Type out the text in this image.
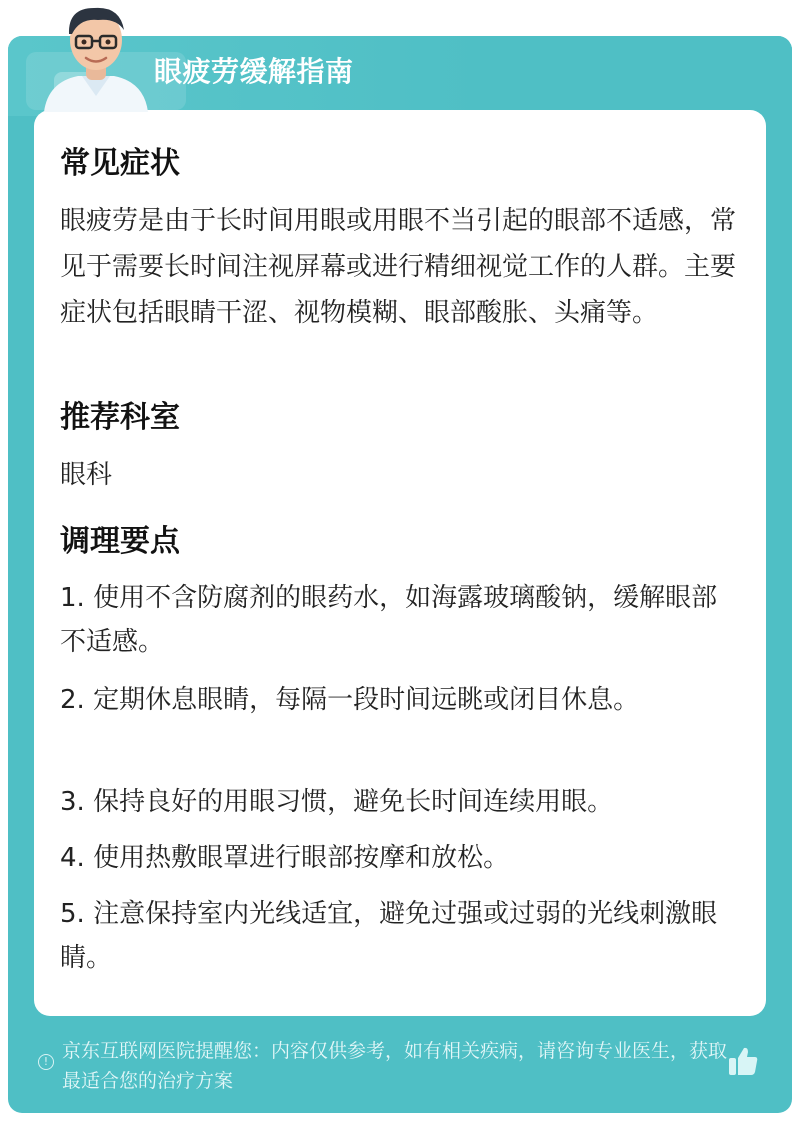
眼疲劳缓解指南
常见症状
眼疲劳是由于长时间用眼或用眼不当引起的眼部不适感，常见于需要长时间注视屏幕或进行精细视觉工作的人群。主要症状包括眼睛干涩、视物模糊、眼部酸胀、头痛等。
推荐科室
眼科
调理要点
1. 使用不含防腐剂的眼药水，如海露玻璃酸钠，缓解眼部不适感。
2. 定期休息眼睛，每隔一段时间远眺或闭目休息。
3. 保持良好的用眼习惯，避免长时间连续用眼。
4. 使用热敷眼罩进行眼部按摩和放松。
5. 注意保持室内光线适宜，避免过强或过弱的光线刺激眼睛。
! 京东互联网医院提醒您：内容仅供参考，如有相关疾病，请咨询专业医生，获取最适合您的治疗方案
